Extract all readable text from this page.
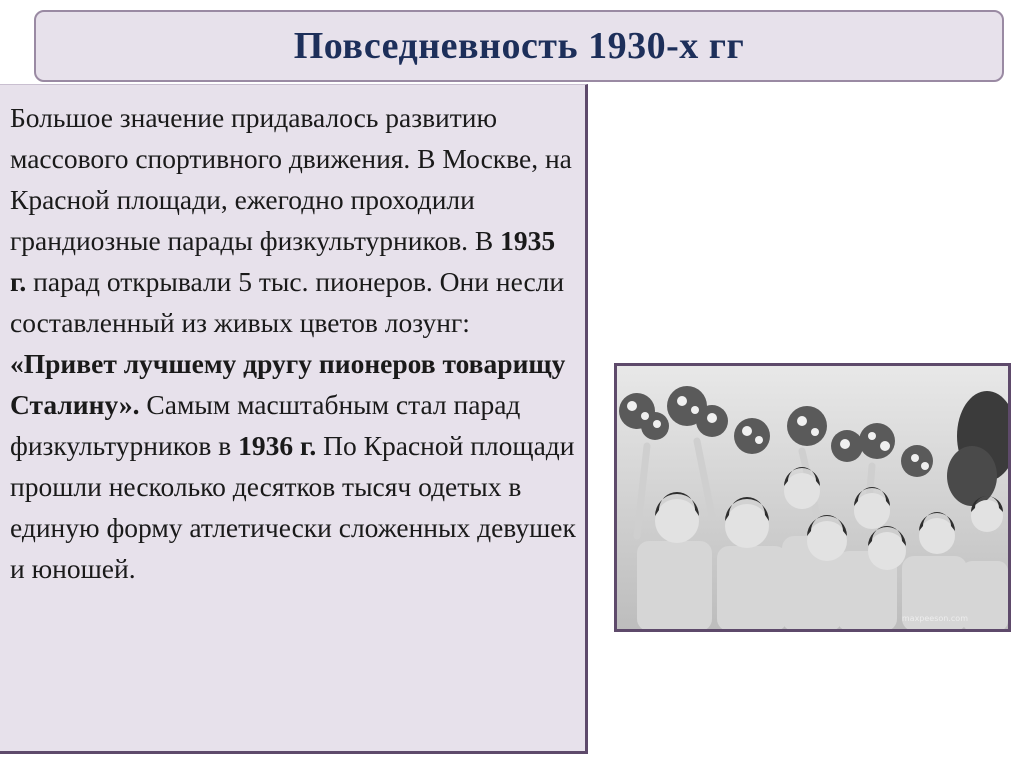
Повседневность 1930-х гг

Большое значение придавалось развитию массового спортивного движения. В Москве, на Красной площади, ежегодно проходили грандиозные парады физкультурников. В 1935 г. парад открывали 5 тыс. пионеров. Они несли составленный из живых цветов лозунг: «Привет лучшему другу пионеров товарищу Сталину». Самым масштабным стал парад физкультурников в 1936 г. По Красной площади прошли несколько десятков тысяч одетых в единую форму атлетически сложенных девушек и юношей.

maxpeeson.com
